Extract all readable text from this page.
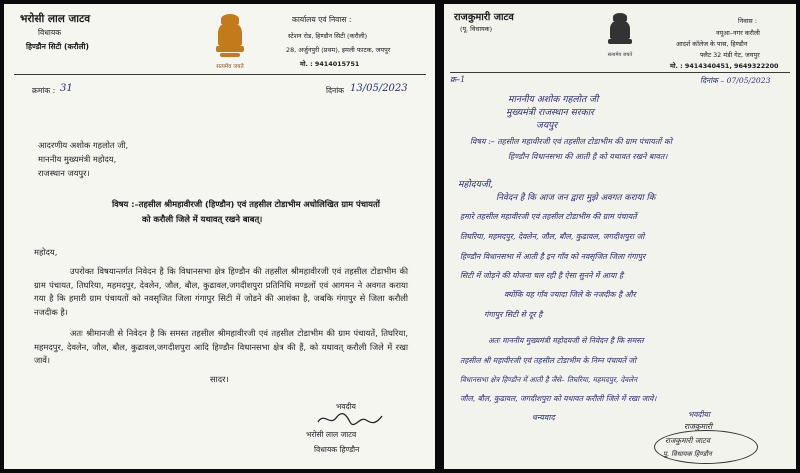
भरोसी लाल जाटव
विधायक
हिण्डौन सिटी (करौली)
सत्यमेव जयते
कार्यालय एवं निवास :
स्टेशन रोड, हिण्डौन सिटी (करौली)
28, अर्जुनपुरी (प्रथम), इमली फाटक, जयपुर
मो. : 9414015751
क्रमांक : 31	दिनांक 13/05/2023
आदरणीय अशोक गहलोत जी,
माननीय मुख्यमंत्री महोदय,
राजस्थान जयपुर।
विषय :–तहसील श्रीमहावीरजी (हिण्डौन) एवं तहसील टोडाभीम अधोलिखित ग्राम पंचायतों
को करौली जिले में यथावत् रखने बाबत्।
महोदय,
उपरोक्त विषयान्तर्गत निवेदन है कि विधानसभा क्षेत्र हिण्डौन की तहसील श्रीमहावीरजी एवं तहसील टोडाभीम की ग्राम पंचायत, तिघरिया, महमदपुर, देवलेन, जौल, बौल, कुढावल,जगदीशपुरा प्रतिनिधि मण्डलों एवं आगमन ने अवगत कराया गया है कि हमारी ग्राम पंचायतों को नवसृजित जिला गंगापुर सिटी में जोडने की आशंका है, जबकि गंगापुर से जिला करौली नजदीक है।
अतः श्रीमानजी से निवेदन है कि समस्त तहसील श्रीमहावीरजी एवं तहसील टोडाभीम की ग्राम पंचायतें, तिघरिया, महमदपुर, देवलेन, जौल, बौल, कुढावल,जगदीशपुरा आदि हिण्डौन विधानसभा क्षेत्र की हैं, को यथावत् करौली जिले में रखा जावें।
सादर।
भवदीय
भरोसी लाल जाटव
विधायक हिण्डौन
राजकुमारी जाटव
(पू. विधायक)
सत्यमेव जयते
निवास :
नयूआ–नगर करौली
आदर्श कॉलेज के पास, हिण्डौन
फ्लैट 32 मंडी गेट, जयपुर
मो. : 9414340451, 9649322200
क्र–1	दिनांक – 07/05/2023
माननीय अशोक गहलोत जी
मुख्यमंत्री राजस्थान सरकार
जयपुर
विषय :– तहसील महावीरजी एवं तहसील टोडाभीम की ग्राम पंचायतों को
हिण्डौन विधानसभा की आती है को यथावत रखने बावत।
महोदयजी,
निवेदन है कि आज जन द्वारा मुझे अवगत कराया कि
हमारे तहसील महावीरजी एवं तहसील टोडाभीम की ग्राम पंचायतें
तिघरिया, महमदपुर, देवलेन, जौल, बौल, कुढावल, जगदीशपुरा जो
हिण्डौन विधानसभा में आती है इन गाँव को नवसृजित जिला गंगापुर
सिटी में जोड़ने की योजना चल रही है ऐसा सुनने में आया है
क्योंकि यह गाँव ज्यादा जिले के नजदीक है और
गंगापुर सिटी से दूर है
अतः माननीय मुख्यमंत्री महोदयजी से निवेदन है कि समस्त
तहसील श्री महावीरजी एवं तहसील टोडाभीम के निम्न पंचायतें जो
विधानसभा क्षेत्र हिण्डौन में आती है जैसे– तिघरिया, महमदपुर, देवलेन
जौल, बौल, कुढावल, जगदीशपुरा को यथावत करौली जिले में रखा जावे।
धन्यवाद	भवदीया
राजकुमारी
राजकुमारी जाटव
पू. विधायक हिण्डौन
